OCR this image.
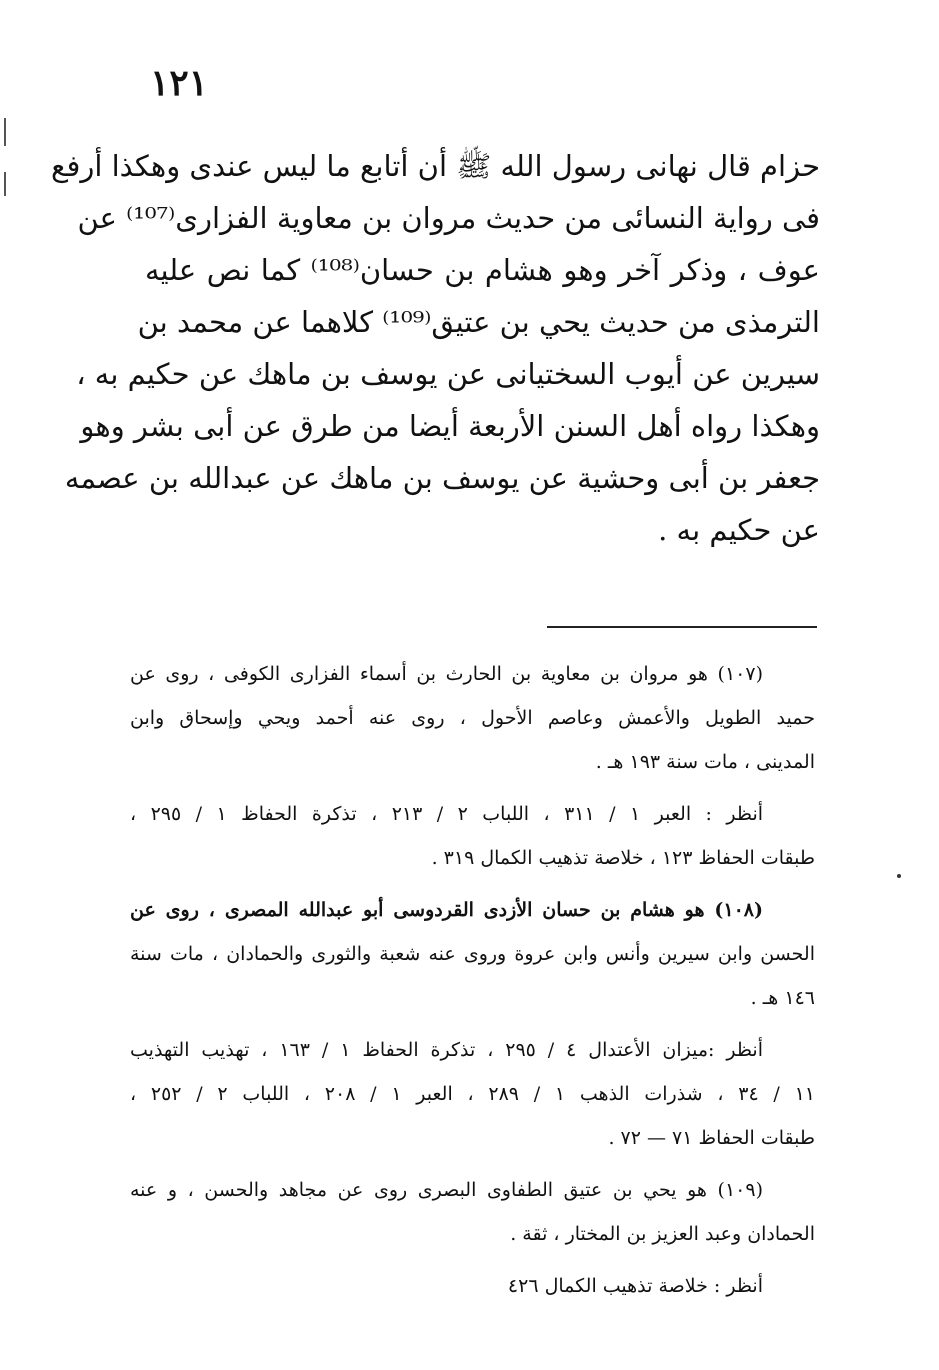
١٢١
حزام قال نهانى رسول الله ﷺ أن أتابع ما ليس عندى وهكذا أرفع
فى رواية النسائى من حديث مروان بن معاوية الفزارى⁽¹⁰⁷⁾ عن
عوف ، وذكر آخر وهو هشام بن حسان⁽¹⁰⁸⁾ كما نص عليه
الترمذى من حديث يحي بن عتيق⁽¹⁰⁹⁾ كلاهما عن محمد بن
سيرين عن أيوب السختيانى عن يوسف بن ماهك عن حكيم به ،
وهكذا رواه أهل السنن الأربعة أيضا من طرق عن أبى بشر وهو
جعفر بن أبى وحشية عن يوسف بن ماهك عن عبدالله بن عصمه
عن حكيم به .
(١٠٧) هو مروان بن معاوية بن الحارث بن أسماء الفزارى الكوفى ، روى عن
حميد الطويل والأعمش وعاصم الأحول ، روى عنه أحمد ويحي وإسحاق وابن
المدينى ، مات سنة ١٩٣ هـ .
أنظر : العبر ١ / ٣١١ ، اللباب ٢ / ٢١٣ ، تذكرة الحفاظ ١ / ٢٩٥ ،
طبقات الحفاظ ١٢٣ ، خلاصة تذهيب الكمال ٣١٩ .
(١٠٨) هو هشام بن حسان الأزدى القردوسى أبو عبدالله المصرى ، روى عن
الحسن وابن سيرين وأنس وابن عروة وروى عنه شعبة والثورى والحمادان ، مات سنة
١٤٦ هـ .
أنظر :ميزان الأعتدال ٤ / ٢٩٥ ، تذكرة الحفاظ ١ / ١٦٣ ، تهذيب التهذيب
١١ / ٣٤ ، شذرات الذهب ١ / ٢٨٩ ، العبر ١ / ٢٠٨ ، اللباب ٢ / ٢٥٢ ،
طبقات الحفاظ ٧١ — ٧٢ .
(١٠٩) هو يحي بن عتيق الطفاوى البصرى روى عن مجاهد والحسن ، و عنه
الحمادان وعبد العزيز بن المختار ، ثقة .
أنظر : خلاصة تذهيب الكمال ٤٢٦
